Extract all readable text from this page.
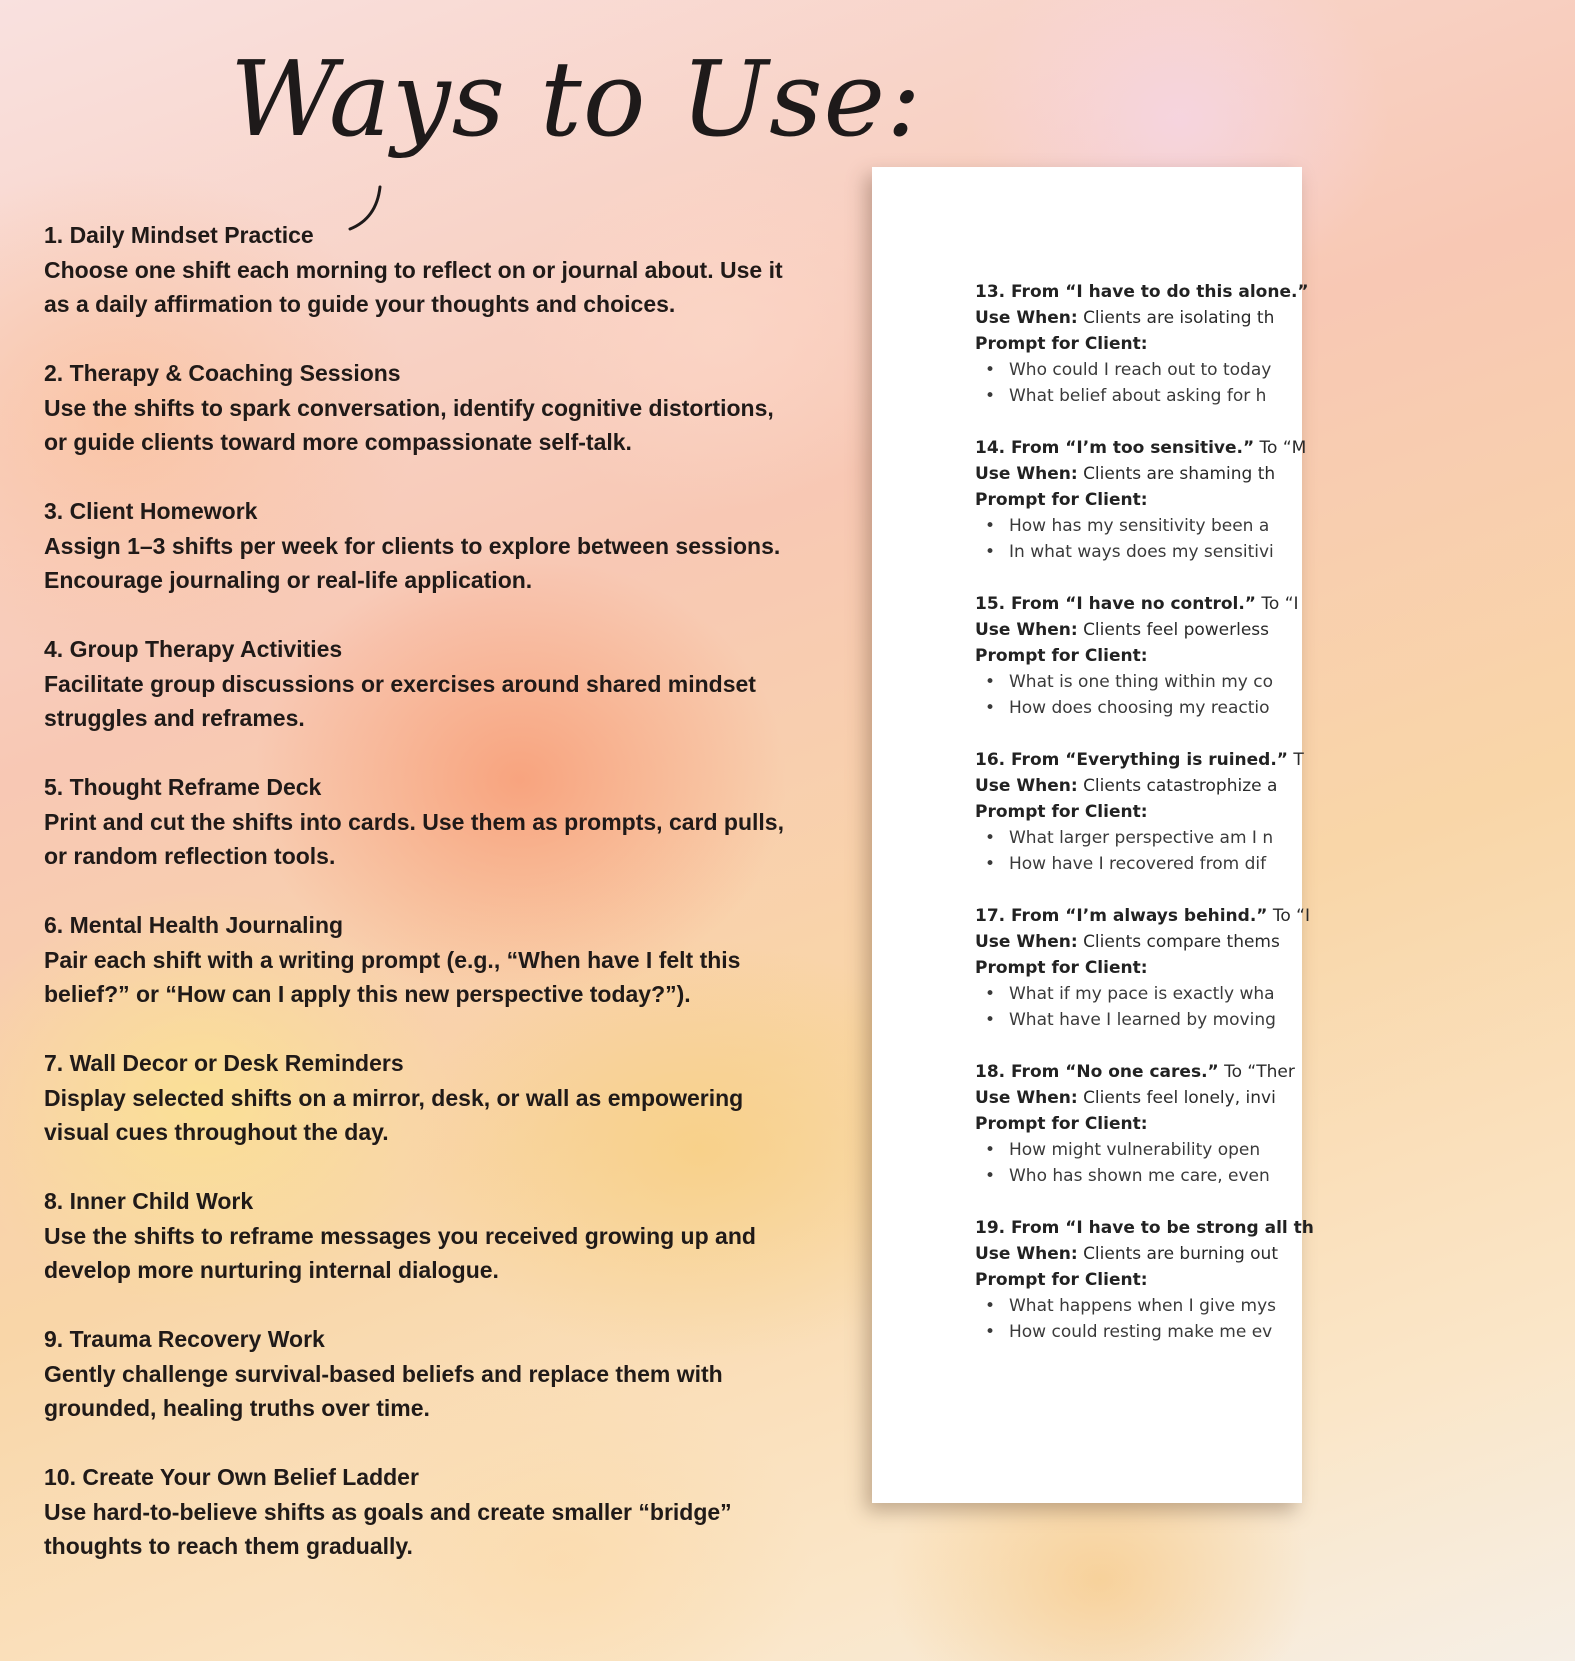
Ways to Use:
1. Daily Mindset Practice

Choose one shift each morning to reflect on or journal about. Use it

as a daily affirmation to guide your thoughts and choices.

2. Therapy & Coaching Sessions

Use the shifts to spark conversation, identify cognitive distortions,

or guide clients toward more compassionate self-talk.

3. Client Homework

Assign 1–3 shifts per week for clients to explore between sessions.

Encourage journaling or real-life application.

4. Group Therapy Activities

Facilitate group discussions or exercises around shared mindset

struggles and reframes.

5. Thought Reframe Deck

Print and cut the shifts into cards. Use them as prompts, card pulls,

or random reflection tools.

6. Mental Health Journaling

Pair each shift with a writing prompt (e.g., “When have I felt this

belief?” or “How can I apply this new perspective today?”).

7. Wall Decor or Desk Reminders

Display selected shifts on a mirror, desk, or wall as empowering

visual cues throughout the day.

8. Inner Child Work

Use the shifts to reframe messages you received growing up and

develop more nurturing internal dialogue.

9. Trauma Recovery Work

Gently challenge survival-based beliefs and replace them with

grounded, healing truths over time.

10. Create Your Own Belief Ladder

Use hard-to-believe shifts as goals and create smaller “bridge”

thoughts to reach them gradually.

13. From “I have to do this alone.”
Use When: Clients are isolating th
Prompt for Client:
• Who could I reach out to today
• What belief about asking for h
14. From “I’m too sensitive.” To “M
Use When: Clients are shaming th
Prompt for Client:
• How has my sensitivity been a
• In what ways does my sensitivi
15. From “I have no control.” To “I
Use When: Clients feel powerless
Prompt for Client:
• What is one thing within my co
• How does choosing my reactio
16. From “Everything is ruined.” T
Use When: Clients catastrophize a
Prompt for Client:
• What larger perspective am I n
• How have I recovered from dif
17. From “I’m always behind.” To “I
Use When: Clients compare thems
Prompt for Client:
• What if my pace is exactly wha
• What have I learned by moving
18. From “No one cares.” To “Ther
Use When: Clients feel lonely, invi
Prompt for Client:
• How might vulnerability open
• Who has shown me care, even
19. From “I have to be strong all th
Use When: Clients are burning out
Prompt for Client:
• What happens when I give mys
• How could resting make me ev
